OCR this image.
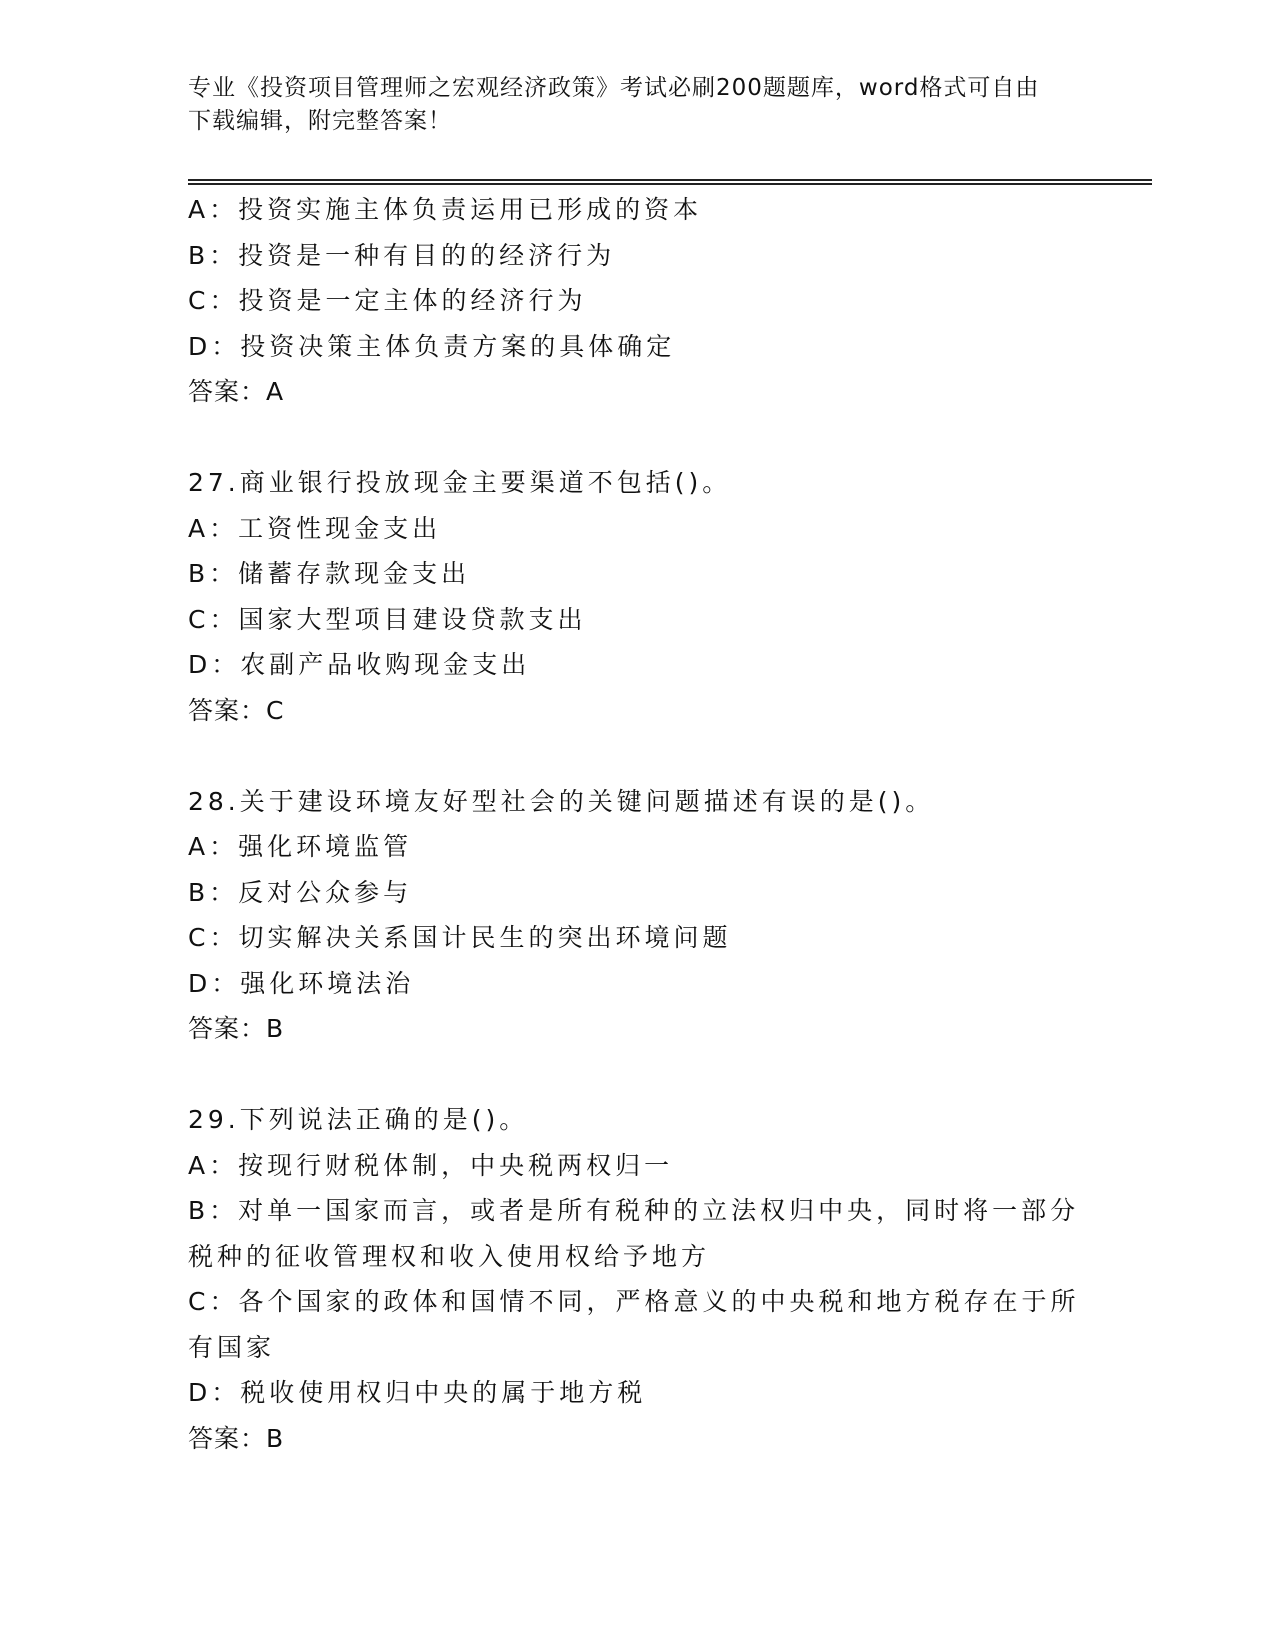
专业《投资项目管理师之宏观经济政策》考试必刷200题题库，word格式可自由
下载编辑，附完整答案！
A：投资实施主体负责运用已形成的资本
B：投资是一种有目的的经济行为
C：投资是一定主体的经济行为
D：投资决策主体负责方案的具体确定
答案：A
27.商业银行投放现金主要渠道不包括()。
A：工资性现金支出
B：储蓄存款现金支出
C：国家大型项目建设贷款支出
D：农副产品收购现金支出
答案：C
28.关于建设环境友好型社会的关键问题描述有误的是()。
A：强化环境监管
B：反对公众参与
C：切实解决关系国计民生的突出环境问题
D：强化环境法治
答案：B
29.下列说法正确的是()。
A：按现行财税体制，中央税两权归一
B：对单一国家而言，或者是所有税种的立法权归中央，同时将一部分
税种的征收管理权和收入使用权给予地方
C：各个国家的政体和国情不同，严格意义的中央税和地方税存在于所
有国家
D：税收使用权归中央的属于地方税
答案：B
